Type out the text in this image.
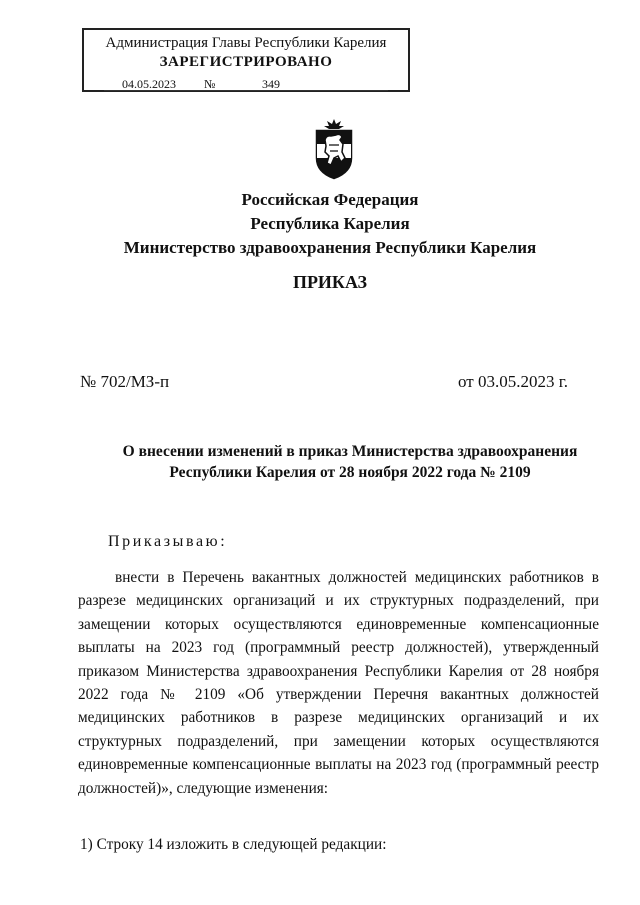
Администрация Главы Республики Карелия
ЗАРЕГИСТРИРОВАНО
04.05.2023 №	349
Российская Федерация
Республика Карелия
Министерство здравоохранения Республики Карелия
ПРИКАЗ
№ 702/МЗ-п	от 03.05.2023 г.
О внесении изменений в приказ Министерства здравоохранения
Республики Карелия от 28 ноября 2022 года № 2109
Приказываю:
внести в Перечень вакантных должностей медицинских работников в разрезе медицинских организаций и их структурных подразделений, при замещении которых осуществляются единовременные компенсационные выплаты на 2023 год (программный реестр должностей), утвержденный приказом Министерства здравоохранения Республики Карелия от 28 ноября 2022 года № 2109 «Об утверждении Перечня вакантных должностей медицинских работников в разрезе медицинских организаций и их структурных подразделений, при замещении которых осуществляются единовременные компенсационные выплаты на 2023 год (программный реестр должностей)», следующие изменения:
1) Строку 14 изложить в следующей редакции:
